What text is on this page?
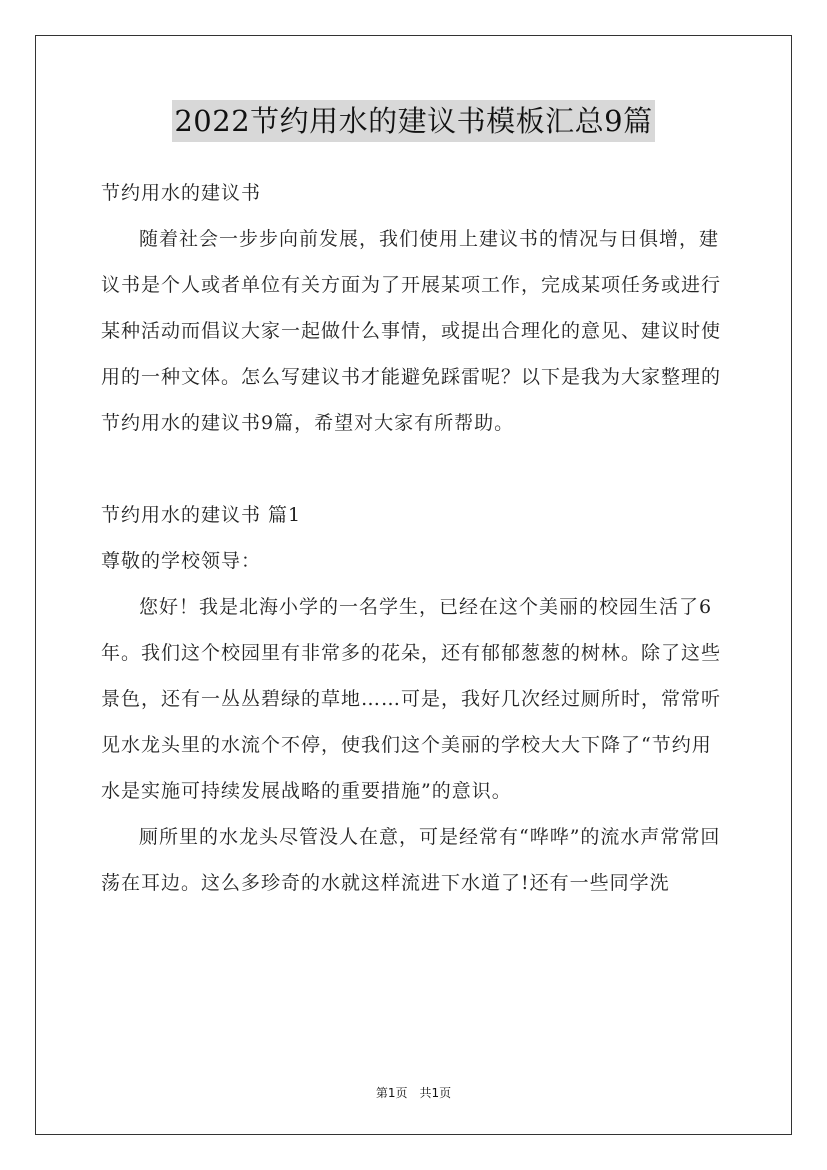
2022节约用水的建议书模板汇总9篇

节约用水的建议书

随着社会一步步向前发展，我们使用上建议书的情况与日俱增，建议书是个人或者单位有关方面为了开展某项工作，完成某项任务或进行某种活动而倡议大家一起做什么事情，或提出合理化的意见、建议时使用的一种文体。怎么写建议书才能避免踩雷呢？以下是我为大家整理的节约用水的建议书9篇，希望对大家有所帮助。

节约用水的建议书 篇1

尊敬的学校领导：

您好！我是北海小学的一名学生，已经在这个美丽的校园生活了6年。我们这个校园里有非常多的花朵，还有郁郁葱葱的树林。除了这些景色，还有一丛丛碧绿的草地……可是，我好几次经过厕所时，常常听见水龙头里的水流个不停，使我们这个美丽的学校大大下降了“节约用水是实施可持续发展战略的重要措施”的意识。

厕所里的水龙头尽管没人在意，可是经常有“哗哗”的流水声常常回荡在耳边。这么多珍奇的水就这样流进下水道了!还有一些同学洗

第1页 共1页
